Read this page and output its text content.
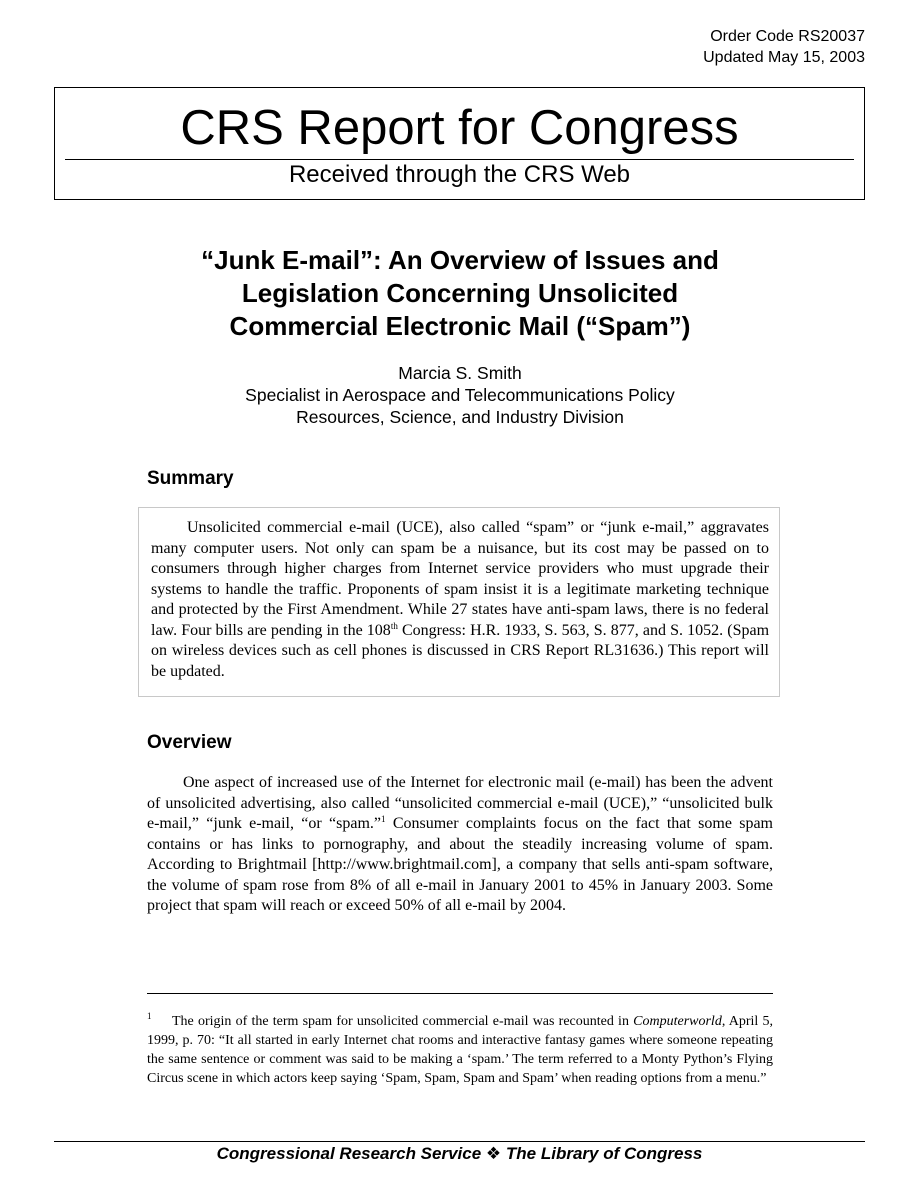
Order Code RS20037
Updated May 15, 2003
CRS Report for Congress
Received through the CRS Web
“Junk E-mail”: An Overview of Issues and
Legislation Concerning Unsolicited
Commercial Electronic Mail (“Spam”)
Marcia S. Smith
Specialist in Aerospace and Telecommunications Policy
Resources, Science, and Industry Division
Summary

Unsolicited commercial e-mail (UCE), also called “spam” or “junk e-mail,” aggravates many computer users. Not only can spam be a nuisance, but its cost may be passed on to consumers through higher charges from Internet service providers who must upgrade their systems to handle the traffic. Proponents of spam insist it is a legitimate marketing technique and protected by the First Amendment. While 27 states have anti-spam laws, there is no federal law. Four bills are pending in the 108th Congress: H.R. 1933, S. 563, S. 877, and S. 1052. (Spam on wireless devices such as cell phones is discussed in CRS Report RL31636.) This report will be updated.

Overview

One aspect of increased use of the Internet for electronic mail (e-mail) has been the advent of unsolicited advertising, also called “unsolicited commercial e-mail (UCE),” “unsolicited bulk e-mail,” “junk e-mail, “or “spam.”$^1$ Consumer complaints focus on the fact that some spam contains or has links to pornography, and about the steadily increasing volume of spam. According to Brightmail [http://www.brightmail.com], a company that sells anti-spam software, the volume of spam rose from 8% of all e-mail in January 2001 to 45% in January 2003. Some project that spam will reach or exceed 50% of all e-mail by 2004.

$^1$ The origin of the term spam for unsolicited commercial e-mail was recounted in Computerworld, April 5, 1999, p. 70: “It all started in early Internet chat rooms and interactive fantasy games where someone repeating the same sentence or comment was said to be making a ‘spam.’ The term referred to a Monty Python’s Flying Circus scene in which actors keep saying ‘Spam, Spam, Spam and Spam’ when reading options from a menu.”

Congressional Research Service ❖ The Library of Congress
